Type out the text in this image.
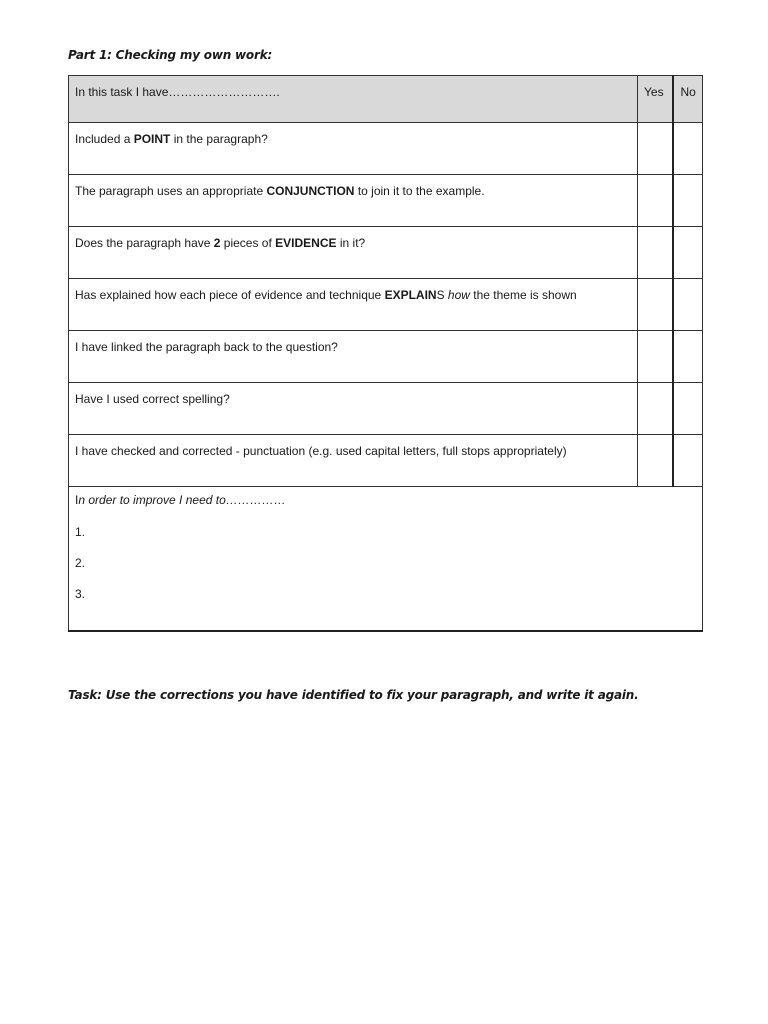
Part 1: Checking my own work:
In this task I have……………………….	Yes	No
Included a POINT in the paragraph?		
The paragraph uses an appropriate CONJUNCTION to join it to the example.		
Does the paragraph have 2 pieces of EVIDENCE in it?		
Has explained how each piece of evidence and technique EXPLAINS how the theme is shown		
I have linked the paragraph back to the question?		
Have I used correct spelling?		
I have checked and corrected - punctuation (e.g. used capital letters, full stops appropriately)		

In order to improve I need to……………
1.
2.
3.		
Task: Use the corrections you have identified to fix your paragraph, and write it again.
